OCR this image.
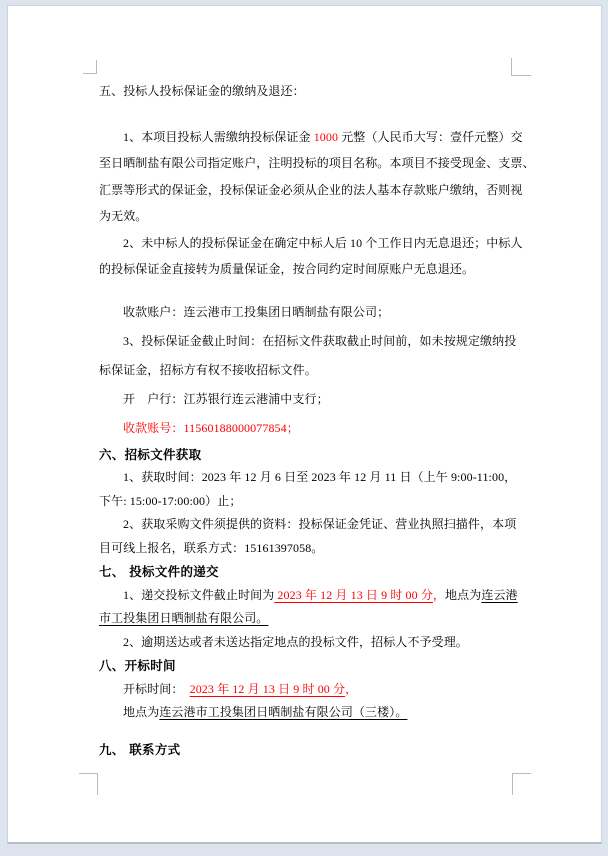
五、投标人投标保证金的缴纳及退还：
1、本项目投标人需缴纳投标保证金 1000 元整（人民币大写：壹仟元整）交
至日晒制盐有限公司指定账户，注明投标的项目名称。本项目不接受现金、支票、
汇票等形式的保证金，投标保证金必须从企业的法人基本存款账户缴纳，否则视
为无效。
2、未中标人的投标保证金在确定中标人后 10 个工作日内无息退还；中标人
的投标保证金直接转为质量保证金，按合同约定时间原账户无息退还。
收款账户：连云港市工投集团日晒制盐有限公司；
3、投标保证金截止时间：在招标文件获取截止时间前，如未按规定缴纳投
标保证金，招标方有权不接收招标文件。
开　户行：江苏银行连云港浦中支行；
收款账号：11560188000077854；
六、招标文件获取
1、获取时间：2023 年 12 月 6 日至 2023 年 12 月 11 日（上午 9:00-11:00，
下午: 15:00-17:00:00）止；
2、获取采购文件须提供的资料：投标保证金凭证、营业执照扫描件，本项
目可线上报名，联系方式：15161397058。
七、 投标文件的递交
1、递交投标文件截止时间为 2023 年 12 月 13 日 9 时 00 分，地点为连云港
市工投集团日晒制盐有限公司。
2、逾期送达或者未送达指定地点的投标文件，招标人不予受理。
八、开标时间
开标时间：　2023 年 12 月 13 日 9 时 00 分，
地点为连云港市工投集团日晒制盐有限公司（三楼）。
九、 联系方式
